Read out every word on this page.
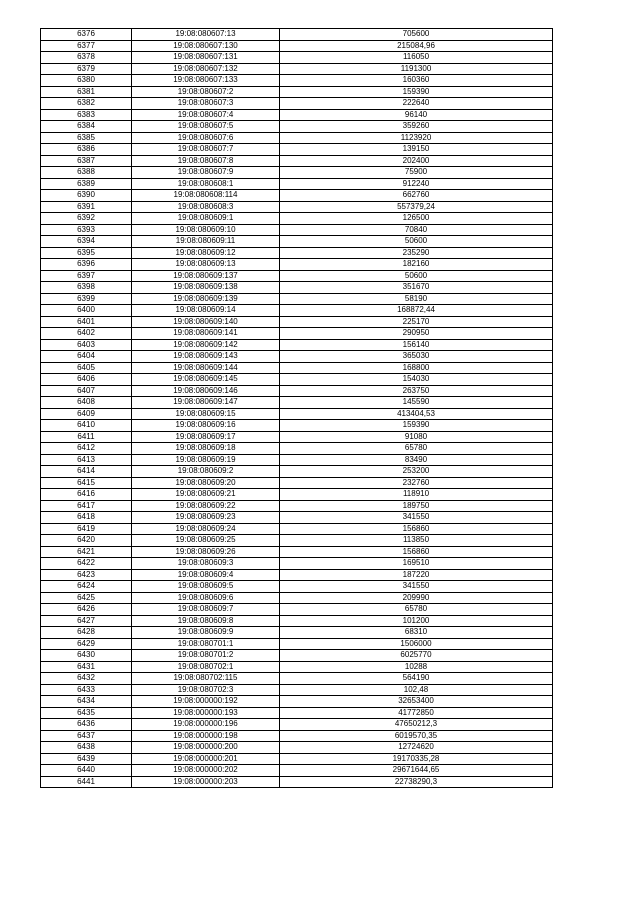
6376	19:08:080607:13	705600
6377	19:08:080607:130	215084,96
6378	19:08:080607:131	116050
6379	19:08:080607:132	1191300
6380	19:08:080607:133	160360
6381	19:08:080607:2	159390
6382	19:08:080607:3	222640
6383	19:08:080607:4	96140
6384	19:08:080607:5	359260
6385	19:08:080607:6	1123920
6386	19:08:080607:7	139150
6387	19:08:080607:8	202400
6388	19:08:080607:9	75900
6389	19:08:080608:1	912240
6390	19:08:080608:114	662760
6391	19:08:080608:3	557379,24
6392	19:08:080609:1	126500
6393	19:08:080609:10	70840
6394	19:08:080609:11	50600
6395	19:08:080609:12	235290
6396	19:08:080609:13	182160
6397	19:08:080609:137	50600
6398	19:08:080609:138	351670
6399	19:08:080609:139	58190
6400	19:08:080609:14	168872,44
6401	19:08:080609:140	225170
6402	19:08:080609:141	290950
6403	19:08:080609:142	156140
6404	19:08:080609:143	365030
6405	19:08:080609:144	168800
6406	19:08:080609:145	154030
6407	19:08:080609:146	263750
6408	19:08:080609:147	145590
6409	19:08:080609:15	413404,53
6410	19:08:080609:16	159390
6411	19:08:080609:17	91080
6412	19:08:080609:18	65780
6413	19:08:080609:19	83490
6414	19:08:080609:2	253200
6415	19:08:080609:20	232760
6416	19:08:080609:21	118910
6417	19:08:080609:22	189750
6418	19:08:080609:23	341550
6419	19:08:080609:24	156860
6420	19:08:080609:25	113850
6421	19:08:080609:26	156860
6422	19:08:080609:3	169510
6423	19:08:080609:4	187220
6424	19:08:080609:5	341550
6425	19:08:080609:6	209990
6426	19:08:080609:7	65780
6427	19:08:080609:8	101200
6428	19:08:080609:9	68310
6429	19:08:080701:1	1506000
6430	19:08:080701:2	6025770
6431	19:08:080702:1	10288
6432	19:08:080702:115	564190
6433	19:08:080702:3	102,48
6434	19:08:000000:192	32653400
6435	19:08:000000:193	41772850
6436	19:08:000000:196	47650212,3
6437	19:08:000000:198	6019570,35
6438	19:08:000000:200	12724620
6439	19:08:000000:201	19170335,28
6440	19:08:000000:202	29671644,65
6441	19:08:000000:203	22738290,3
